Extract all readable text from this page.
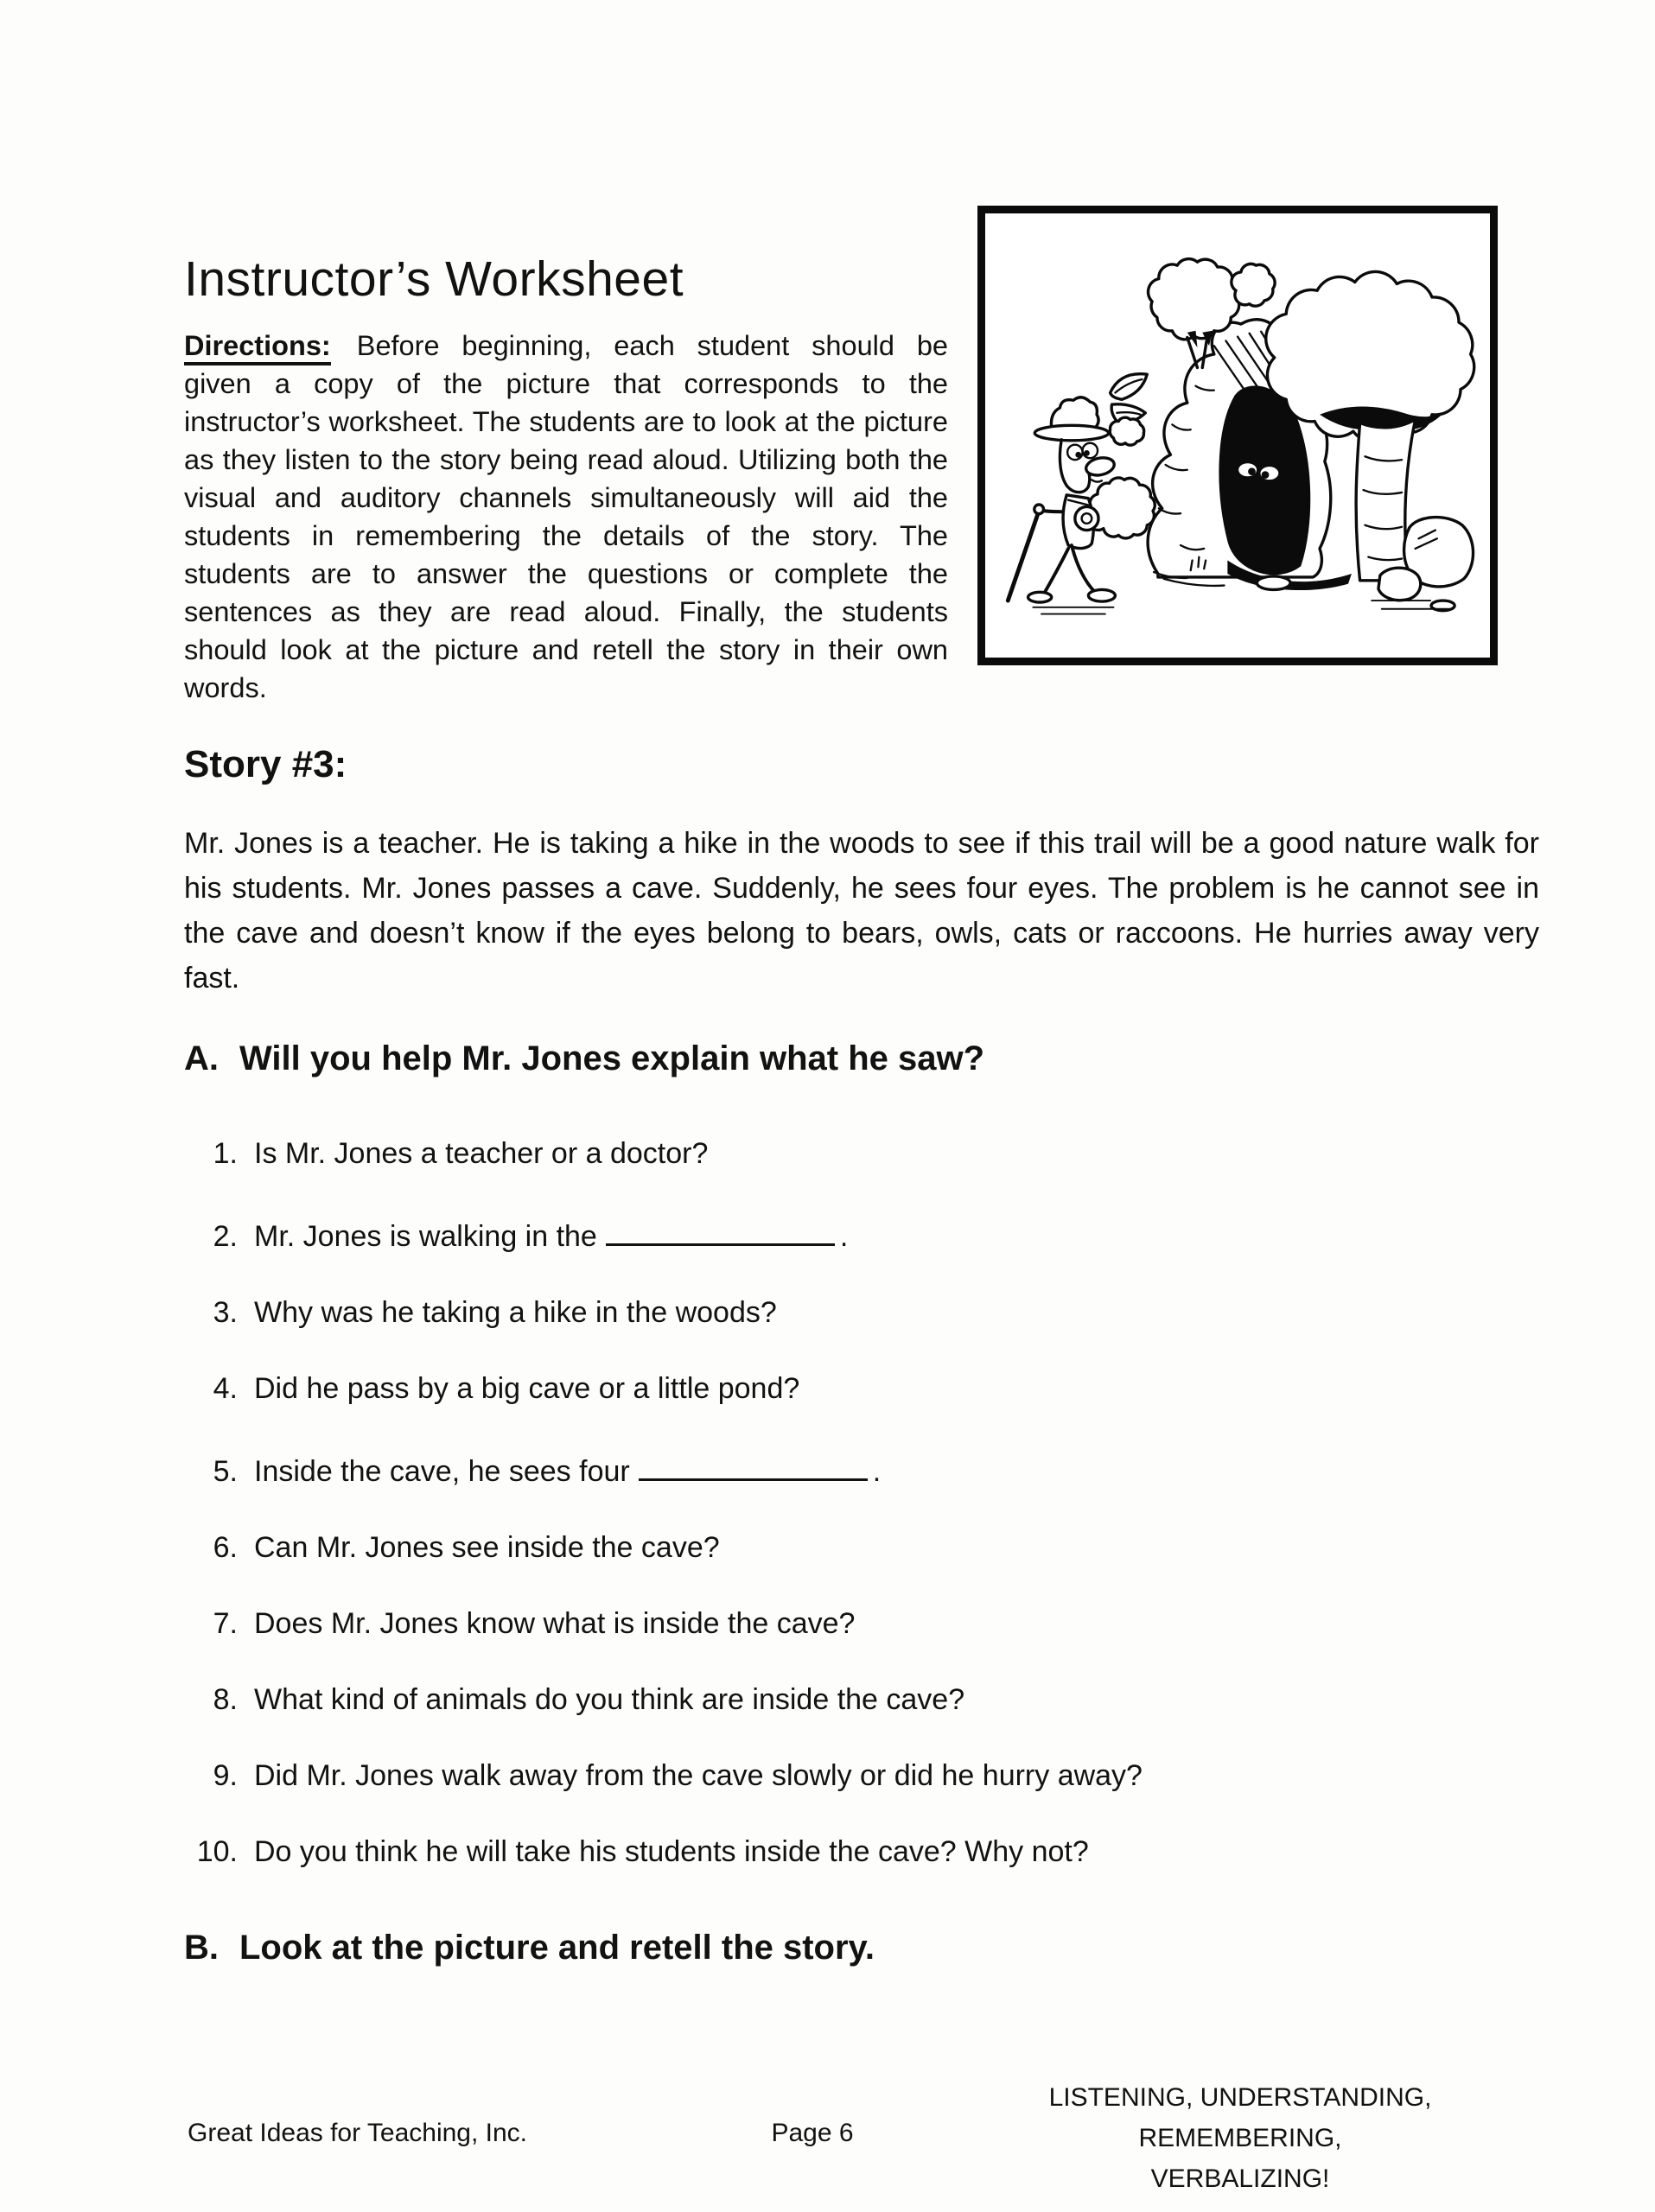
Instructor’s Worksheet

Directions: Before beginning, each student should be given a copy of the picture that corresponds to the instructor’s worksheet. The students are to look at the picture as they listen to the story being read aloud. Utilizing both the visual and auditory channels simultaneously will aid the students in remembering the details of the story. The students are to answer the questions or complete the sentences as they are read aloud. Finally, the students should look at the picture and retell the story in their own words.

Story #3:

Mr. Jones is a teacher. He is taking a hike in the woods to see if this trail will be a good nature walk for his students. Mr. Jones passes a cave. Suddenly, he sees four eyes. The problem is he cannot see in the cave and doesn’t know if the eyes belong to bears, owls, cats or raccoons. He hurries away very fast.

A. Will you help Mr. Jones explain what he saw?
1. Is Mr. Jones a teacher or a doctor?
2. Mr. Jones is walking in the	.
3. Why was he taking a hike in the woods?
4. Did he pass by a big cave or a little pond?
5. Inside the cave, he sees four	.
6. Can Mr. Jones see inside the cave?
7. Does Mr. Jones know what is inside the cave?
8. What kind of animals do you think are inside the cave?
9. Did Mr. Jones walk away from the cave slowly or did he hurry away?
10. Do you think he will take his students inside the cave? Why not?
B. Look at the picture and retell the story.
Great Ideas for Teaching, Inc.	Page 6
LISTENING, UNDERSTANDING, REMEMBERING,
VERBALIZING!
